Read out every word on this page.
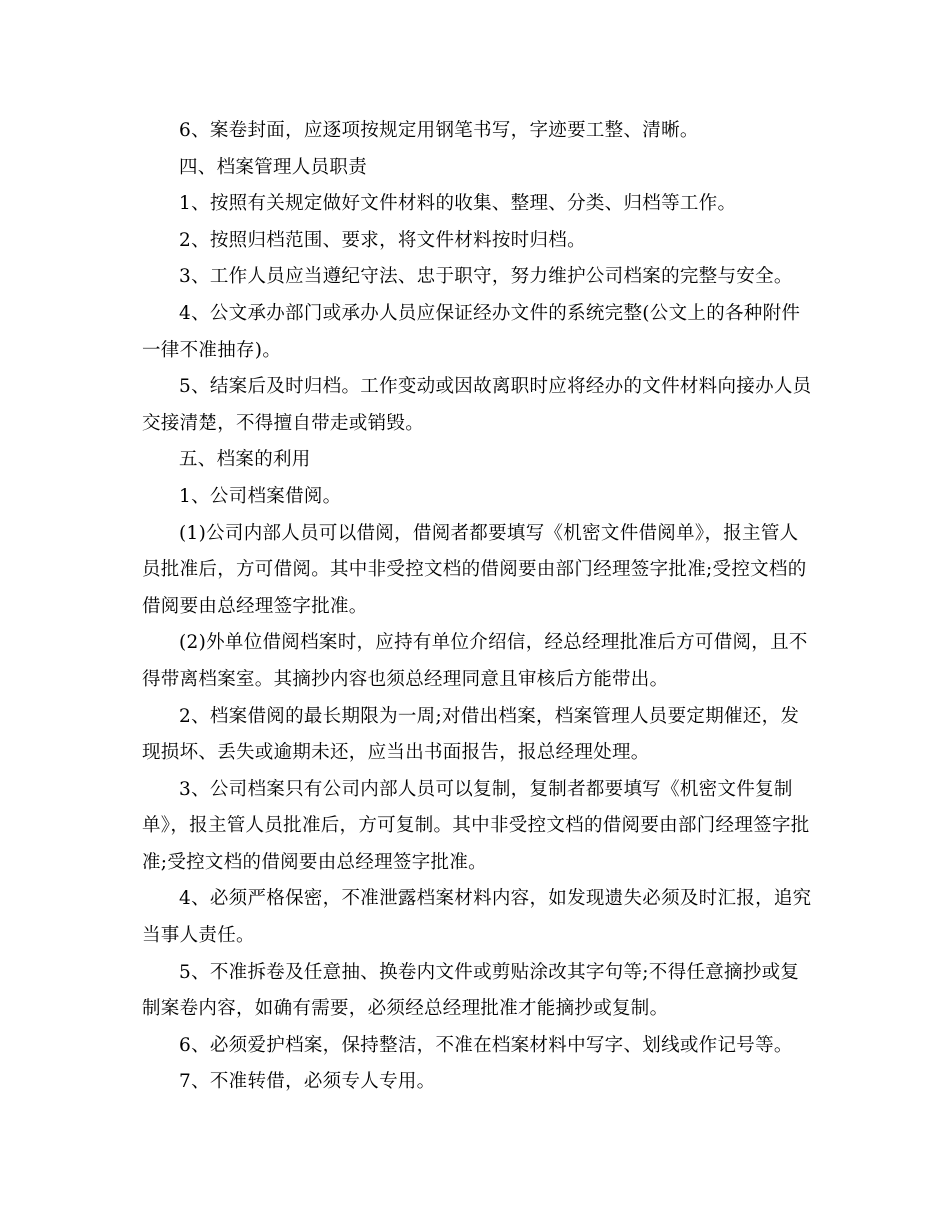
6、案卷封面，应逐项按规定用钢笔书写，字迹要工整、清晰。

四、档案管理人员职责

1、按照有关规定做好文件材料的收集、整理、分类、归档等工作。

2、按照归档范围、要求，将文件材料按时归档。

3、工作人员应当遵纪守法、忠于职守，努力维护公司档案的完整与安全。

4、公文承办部门或承办人员应保证经办文件的系统完整(公文上的各种附件一律不准抽存)。

5、结案后及时归档。工作变动或因故离职时应将经办的文件材料向接办人员交接清楚，不得擅自带走或销毁。

五、档案的利用

1、公司档案借阅。

(1)公司内部人员可以借阅，借阅者都要填写《机密文件借阅单》，报主管人员批准后，方可借阅。其中非受控文档的借阅要由部门经理签字批准;受控文档的借阅要由总经理签字批准。

(2)外单位借阅档案时，应持有单位介绍信，经总经理批准后方可借阅，且不得带离档案室。其摘抄内容也须总经理同意且审核后方能带出。

2、档案借阅的最长期限为一周;对借出档案，档案管理人员要定期催还，发现损坏、丢失或逾期未还，应当出书面报告，报总经理处理。

3、公司档案只有公司内部人员可以复制，复制者都要填写《机密文件复制单》，报主管人员批准后，方可复制。其中非受控文档的借阅要由部门经理签字批准;受控文档的借阅要由总经理签字批准。

4、必须严格保密，不准泄露档案材料内容，如发现遗失必须及时汇报，追究当事人责任。

5、不准拆卷及任意抽、换卷内文件或剪贴涂改其字句等;不得任意摘抄或复制案卷内容，如确有需要，必须经总经理批准才能摘抄或复制。

6、必须爱护档案，保持整洁，不准在档案材料中写字、划线或作记号等。

7、不准转借，必须专人专用。
